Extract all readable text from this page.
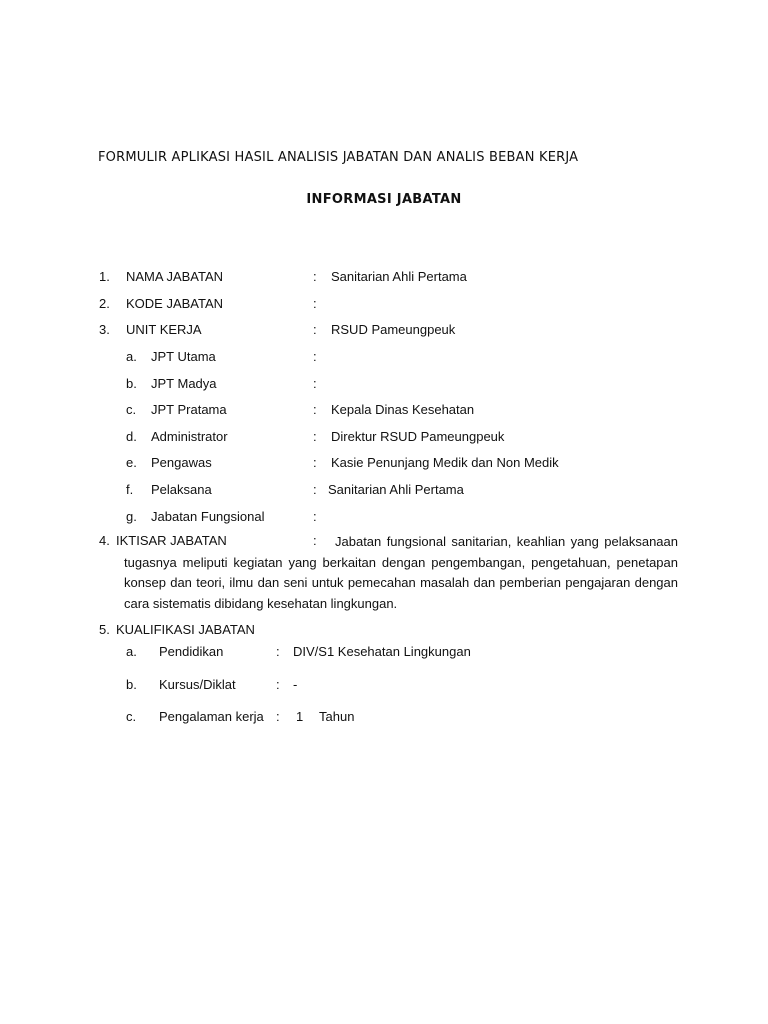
FORMULIR APLIKASI HASIL ANALISIS JABATAN DAN ANALIS BEBAN KERJA
INFORMASI JABATAN
1. NAMA JABATAN	: Sanitarian Ahli Pertama
2. KODE JABATAN	:
3. UNIT KERJA	: RSUD Pameungpeuk
a. JPT Utama	:
b. JPT Madya	:
c. JPT Pratama	: Kepala Dinas Kesehatan
d. Administrator	: Direktur RSUD Pameungpeuk
e. Pengawas	: Kasie Penunjang Medik dan Non Medik
f. Pelaksana	: Sanitarian Ahli Pertama
g. Jabatan Fungsional	:
4. IKTISAR JABATAN	:	Jabatan fungsional sanitarian, keahlian yang pelaksanaan tugasnya meliputi kegiatan yang berkaitan dengan pengembangan, pengetahuan, penetapan konsep dan teori, ilmu dan seni untuk pemecahan masalah dan pemberian pengajaran dengan cara sistematis dibidang kesehatan lingkungan.
5. KUALIFIKASI JABATAN
a. Pendidikan	: DIV/S1 Kesehatan Lingkungan
b. Kursus/Diklat	: -
c. Pengalaman kerja : 1 Tahun
